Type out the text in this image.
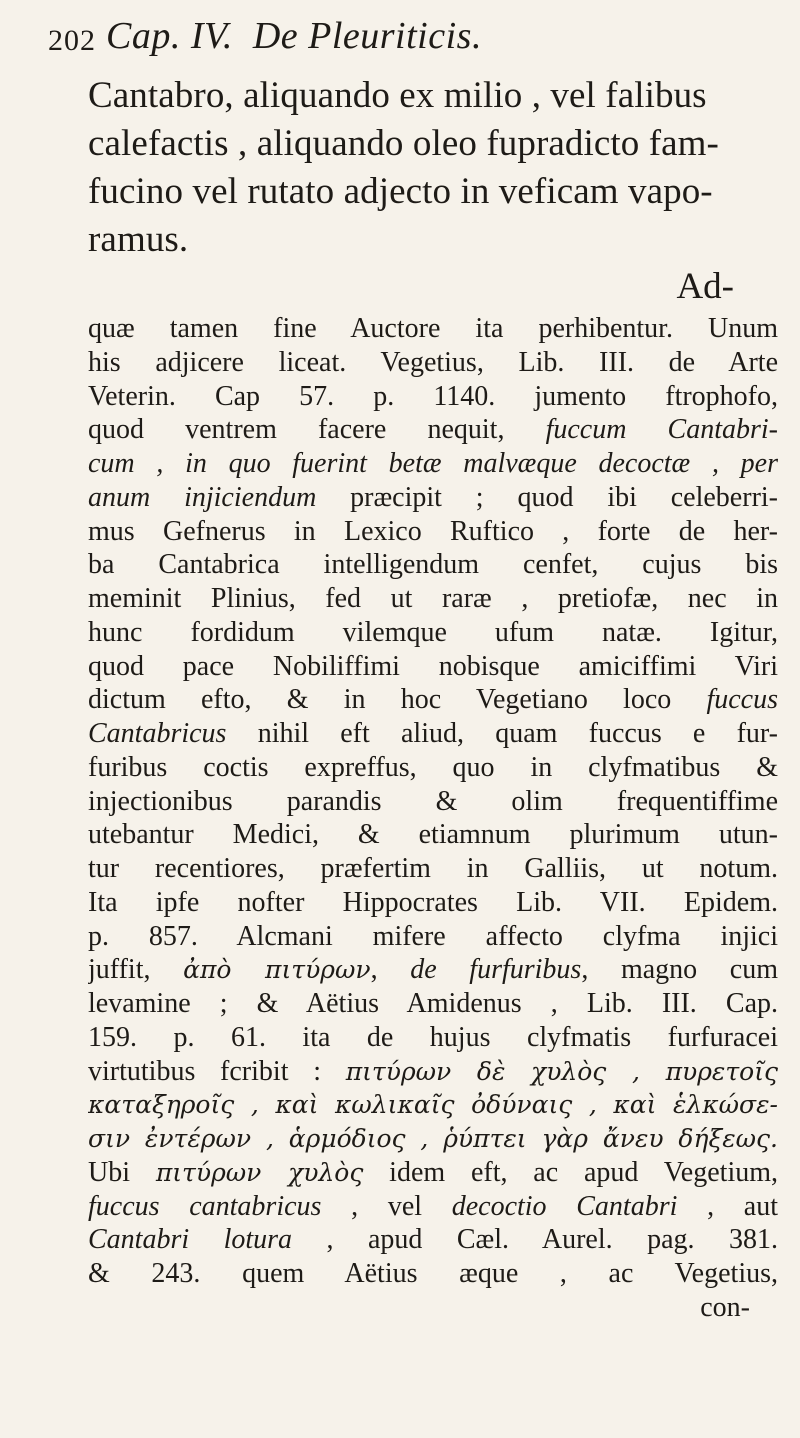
202 Cap. IV. De Pleuriticis.
Cantabro, aliquando ex milio , vel falibus
calefactis , aliquando oleo fupradicto fam-
fucino vel rutato adjecto in veficam vapo-
ramus.
Ad-
quæ tamen fine Auctore ita perhibentur. Unum
his adjicere liceat. Vegetius, Lib. III. de Arte
Veterin. Cap 57. p. 1140. jumento ftrophofo,
quod ventrem facere nequit, fuccum Cantabri-
cum , in quo fuerint betæ malvæque decoctæ , per
anum injiciendum præcipit ; quod ibi celeberri-
mus Gefnerus in Lexico Ruftico , forte de her-
ba Cantabrica intelligendum cenfet, cujus bis
meminit Plinius, fed ut raræ , pretiofæ, nec in
hunc fordidum vilemque ufum natæ. Igitur,
quod pace Nobiliffimi nobisque amiciffimi Viri
dictum efto, & in hoc Vegetiano loco fuccus
Cantabricus nihil eft aliud, quam fuccus e fur-
furibus coctis expreffus, quo in clyfmatibus &
injectionibus parandis & olim frequentiffime
utebantur Medici, & etiamnum plurimum utun-
tur recentiores, præfertim in Galliis, ut notum.
Ita ipfe nofter Hippocrates Lib. VII. Epidem.
p. 857. Alcmani mifere affecto clyfma injici
juffit, ἀπὸ πιτύρων, de furfuribus, magno cum
levamine ; & Aëtius Amidenus , Lib. III. Cap.
159. p. 61. ita de hujus clyfmatis furfuracei
virtutibus fcribit : πιτύρων δὲ χυλὸς , πυρετοῖς
καταξηροῖς , καὶ κωλικαῖς ὀδύναις , καὶ ἑλκώσε-
σιν ἐντέρων , ἁρμόδιος , ῥύπτει γὰρ ἄνευ δήξεως.
Ubi πιτύρων χυλὸς idem eft, ac apud Vegetium,
fuccus cantabricus , vel decoctio Cantabri , aut
Cantabri lotura , apud Cæl. Aurel. pag. 381.
& 243. quem Aëtius æque , ac Vegetius,
con-
